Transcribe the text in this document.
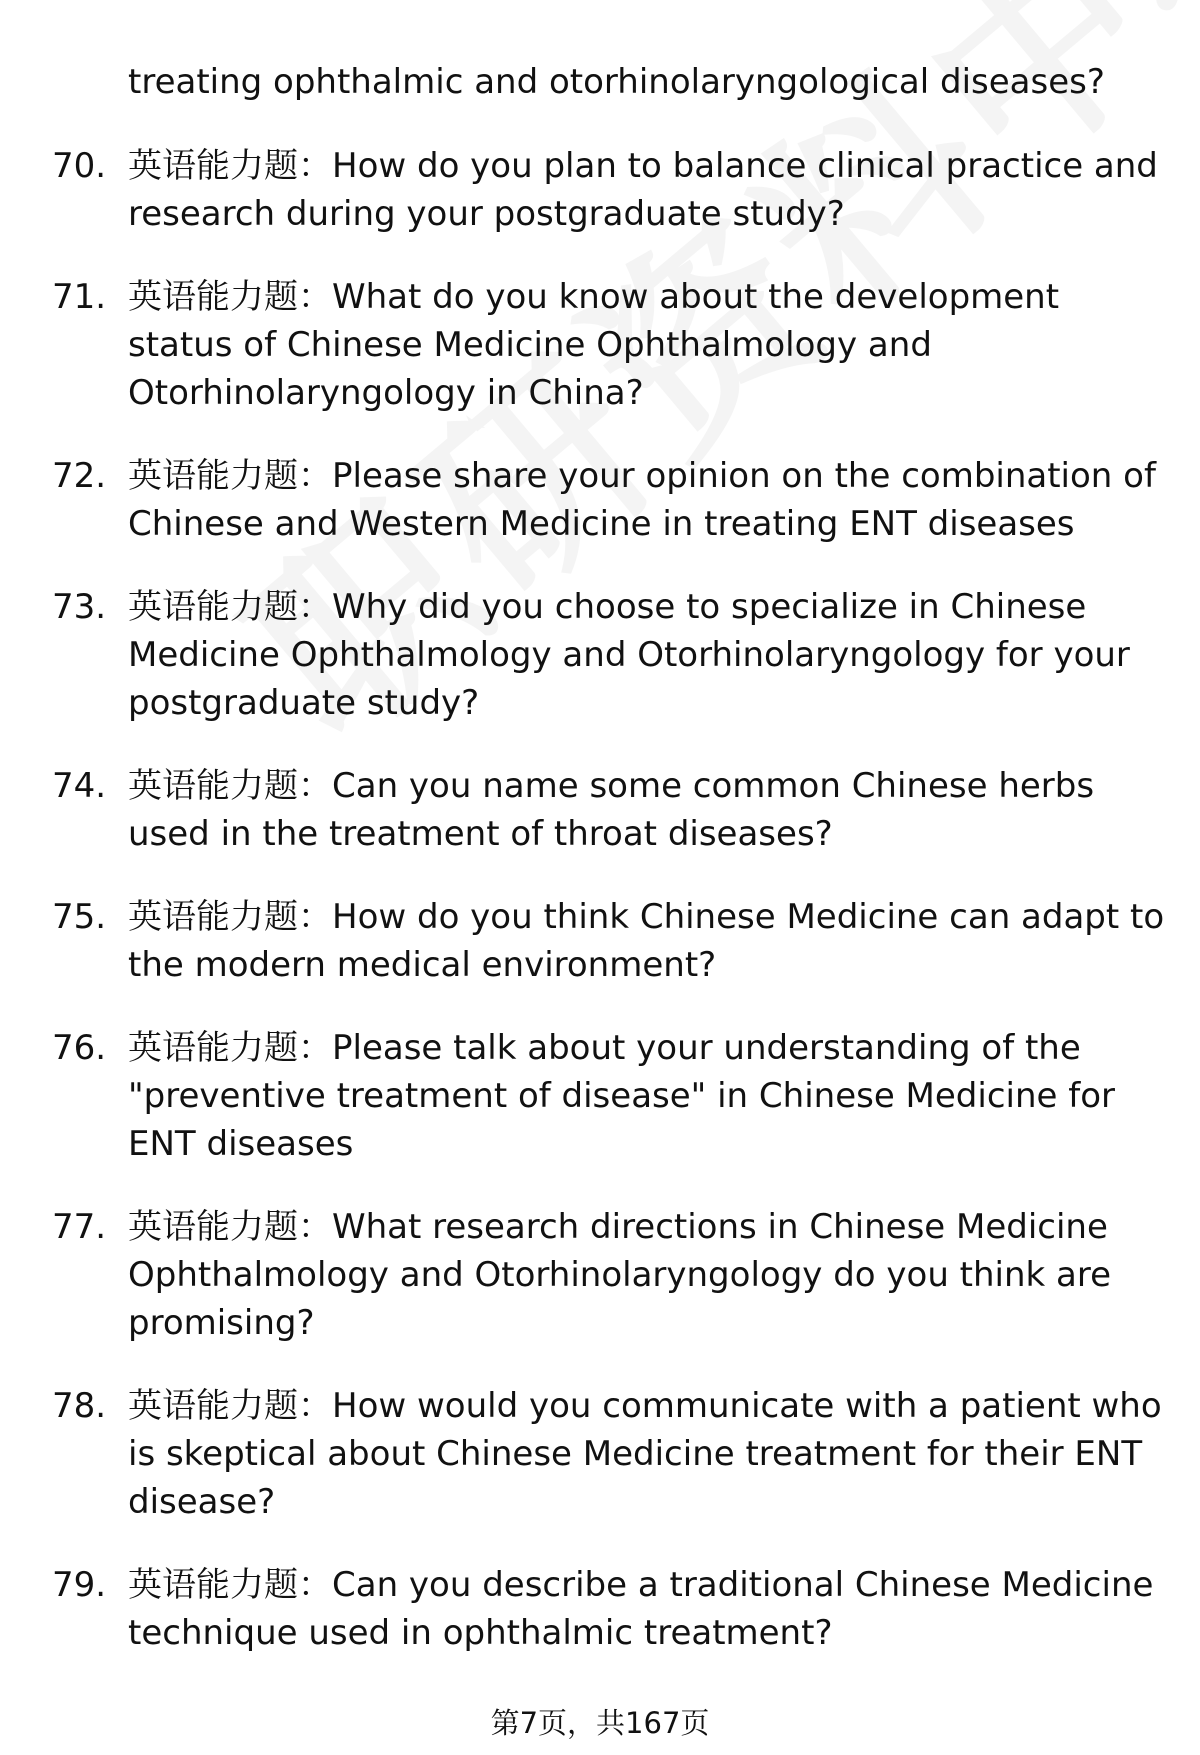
treating ophthalmic and otorhinolaryngological diseases?
70. 英语能力题：How do you plan to balance clinical practice and research during your postgraduate study?
71. 英语能力题：What do you know about the development status of Chinese Medicine Ophthalmology and Otorhinolaryngology in China?
72. 英语能力题：Please share your opinion on the combination of Chinese and Western Medicine in treating ENT diseases
73. 英语能力题：Why did you choose to specialize in Chinese Medicine Ophthalmology and Otorhinolaryngology for your postgraduate study?
74. 英语能力题：Can you name some common Chinese herbs used in the treatment of throat diseases?
75. 英语能力题：How do you think Chinese Medicine can adapt to the modern medical environment?
76. 英语能力题：Please talk about your understanding of the "preventive treatment of disease" in Chinese Medicine for ENT diseases
77. 英语能力题：What research directions in Chinese Medicine Ophthalmology and Otorhinolaryngology do you think are promising?
78. 英语能力题：How would you communicate with a patient who is skeptical about Chinese Medicine treatment for their ENT disease?
79. 英语能力题：Can you describe a traditional Chinese Medicine technique used in ophthalmic treatment?
第7页，共167页
